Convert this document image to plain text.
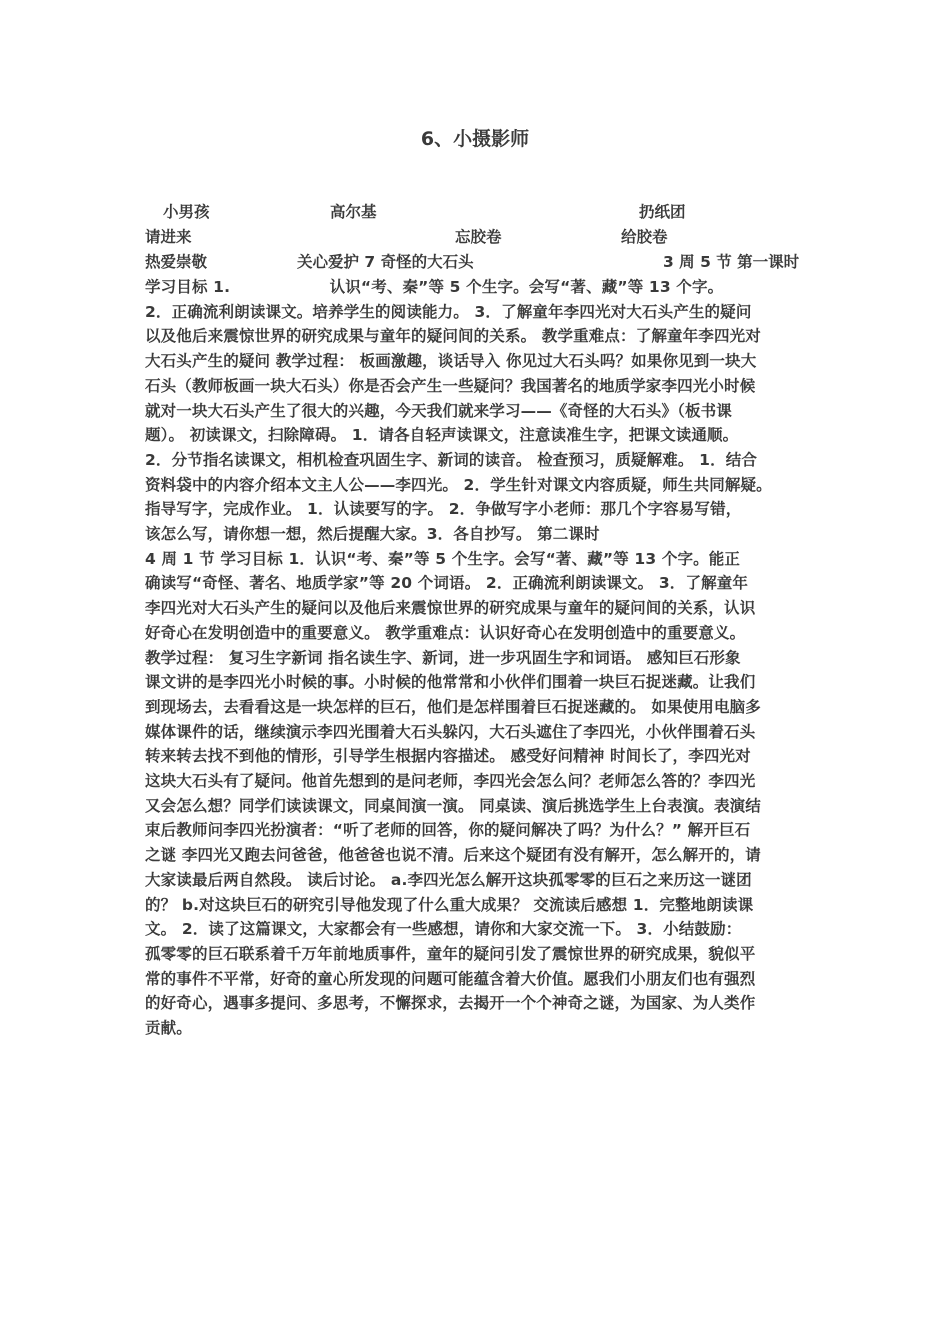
6、小摄影师
小男孩	高尔基	扔纸团
请进来	忘胶卷	给胶卷
热爱崇敬	关心爱护 7 奇怪的大石头	3 周 5 节 第一课时

学习目标 1.　　　　　　 认识“考、秦”等 5 个生字。会写“著、藏”等 13 个字。

2．正确流利朗读课文。培养学生的阅读能力。 3．了解童年李四光对大石头产生的疑问

以及他后来震惊世界的研究成果与童年的疑问间的关系。 教学重难点：了解童年李四光对

大石头产生的疑问 教学过程： 板画激趣，谈话导入 你见过大石头吗？如果你见到一块大

石头（教师板画一块大石头）你是否会产生一些疑问？我国著名的地质学家李四光小时候

就对一块大石头产生了很大的兴趣，今天我们就来学习——《奇怪的大石头》（板书课

题）。 初读课文，扫除障碍。 1．请各自轻声读课文，注意读准生字，把课文读通顺。

2．分节指名读课文，相机检查巩固生字、新词的读音。 检查预习，质疑解难。 1．结合

资料袋中的内容介绍本文主人公——李四光。 2．学生针对课文内容质疑，师生共同解疑。

指导写字，完成作业。 1．认读要写的字。 2．争做写字小老师：那几个字容易写错，

该怎么写，请你想一想，然后提醒大家。3．各自抄写。 第二课时

4 周 1 节 学习目标 1．认识“考、秦”等 5 个生字。会写“著、藏”等 13 个字。能正

确读写“奇怪、著名、地质学家”等 20 个词语。 2．正确流利朗读课文。 3．了解童年

李四光对大石头产生的疑问以及他后来震惊世界的研究成果与童年的疑问间的关系，认识

好奇心在发明创造中的重要意义。 教学重难点：认识好奇心在发明创造中的重要意义。

教学过程： 复习生字新词 指名读生字、新词，进一步巩固生字和词语。 感知巨石形象

课文讲的是李四光小时候的事。小时候的他常常和小伙伴们围着一块巨石捉迷藏。让我们

到现场去，去看看这是一块怎样的巨石，他们是怎样围着巨石捉迷藏的。 如果使用电脑多

媒体课件的话，继续演示李四光围着大石头躲闪，大石头遮住了李四光，小伙伴围着石头

转来转去找不到他的情形，引导学生根据内容描述。 感受好问精神 时间长了，李四光对

这块大石头有了疑问。他首先想到的是问老师，李四光会怎么问？老师怎么答的？李四光

又会怎么想？同学们读读课文，同桌间演一演。 同桌读、演后挑选学生上台表演。表演结

束后教师问李四光扮演者：“听了老师的回答，你的疑问解决了吗？为什么？” 解开巨石

之谜 李四光又跑去问爸爸，他爸爸也说不清。后来这个疑团有没有解开，怎么解开的，请

大家读最后两自然段。 读后讨论。 a.李四光怎么解开这块孤零零的巨石之来历这一谜团

的？ b.对这块巨石的研究引导他发现了什么重大成果？ 交流读后感想 1．完整地朗读课

文。 2．读了这篇课文，大家都会有一些感想，请你和大家交流一下。 3．小结鼓励：

孤零零的巨石联系着千万年前地质事件，童年的疑问引发了震惊世界的研究成果，貌似平

常的事件不平常，好奇的童心所发现的问题可能蕴含着大价值。愿我们小朋友们也有强烈

的好奇心，遇事多提问、多思考，不懈探求，去揭开一个个神奇之谜，为国家、为人类作

贡献。
